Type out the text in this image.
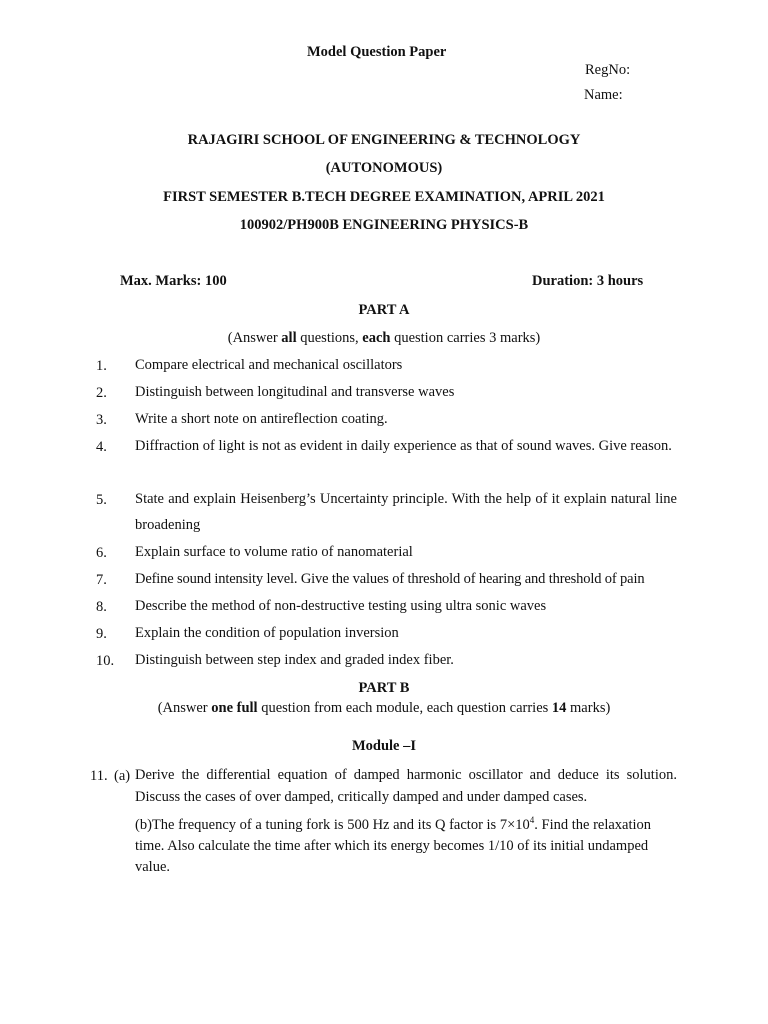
Model Question Paper
RegNo:
Name:
RAJAGIRI SCHOOL OF ENGINEERING & TECHNOLOGY
(AUTONOMOUS)
FIRST SEMESTER B.TECH DEGREE EXAMINATION, APRIL 2021
100902/PH900B ENGINEERING PHYSICS-B
Max. Marks: 100	Duration: 3 hours
PART A
(Answer all questions, each question carries 3 marks)
1.	Compare electrical and mechanical oscillators
2.	Distinguish between longitudinal and transverse waves
3.	Write a short note on antireflection coating.
4.	Diffraction of light is not as evident in daily experience as that of sound waves. Give reason.
5.	State and explain Heisenberg’s Uncertainty principle. With the help of it explain natural line broadening
6.	Explain surface to volume ratio of nanomaterial
7.	Define sound intensity level. Give the values of threshold of hearing and threshold of pain
8.	Describe the method of non-destructive testing using ultra sonic waves
9.	Explain the condition of population inversion
10.	Distinguish between step index and graded index fiber.
PART B
(Answer one full question from each module, each question carries 14 marks)
Module –I
11. (a) Derive the differential equation of damped harmonic oscillator and deduce its solution. Discuss the cases of over damped, critically damped and under damped cases.
(b)The frequency of a tuning fork is 500 Hz and its Q factor is $7\times 10^4$. Find the relaxation time. Also calculate the time after which its energy becomes 1/10 of its initial undamped value.
